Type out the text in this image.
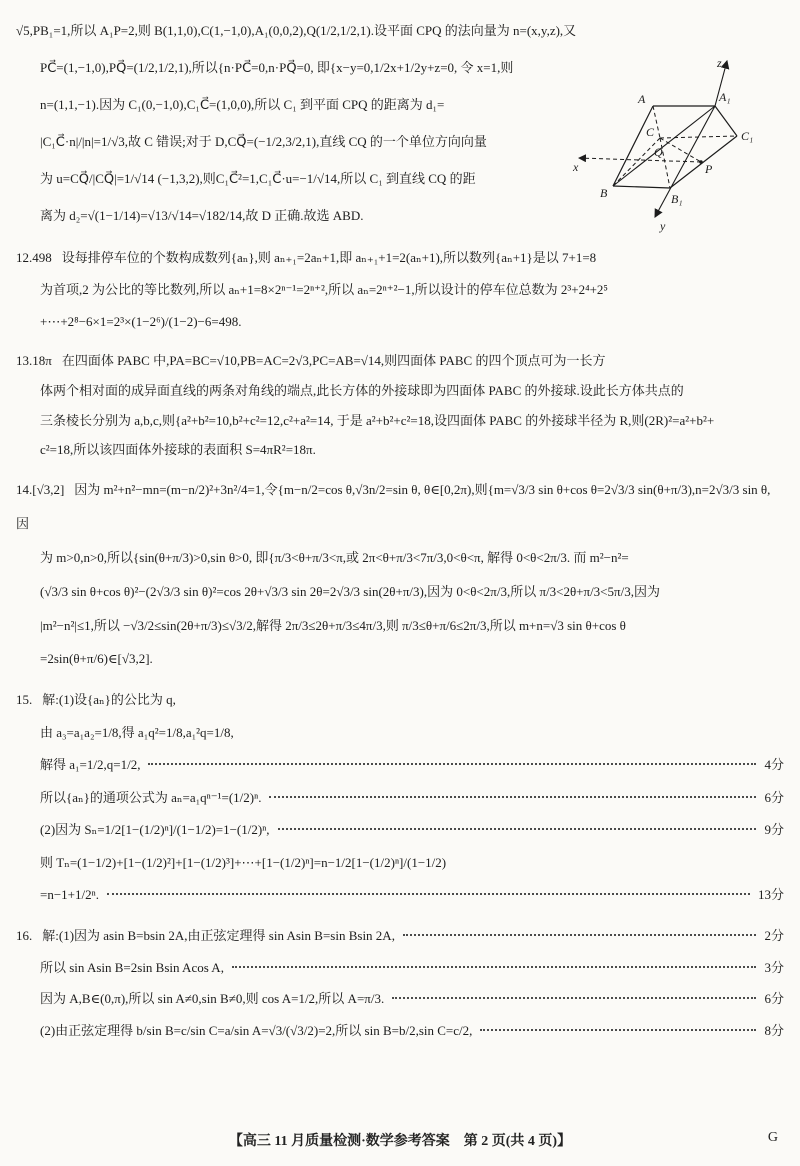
√5,PB₁=1,所以 A₁P=2,则 B(1,1,0),C(1,−1,0),A₁(0,0,2),Q(1/2,1/2,1).设平面 CPQ 的法向量为 n=(x,y,z),又
PC⃗=(1,−1,0),PQ⃗=(1/2,1/2,1),所以{n·PC⃗=0,n·PQ⃗=0, 即{x−y=0,1/2x+1/2y+z=0, 令 x=1,则
n=(1,1,−1).因为 C₁(0,−1,0),C₁C⃗=(1,0,0),所以 C₁ 到平面 CPQ 的距离为 d₁=
|C₁C⃗·n|/|n|=1/√3,故 C 错误;对于 D,CQ⃗=(−1/2,3/2,1),直线 CQ 的一个单位方向向量
为 u=CQ⃗/|CQ⃗|=1/√14 (−1,3,2),则C₁C⃗²=1,C₁C⃗·u=−1/√14,所以 C₁ 到直线 CQ 的距
离为 d₂=√(1−1/14)=√13/√14=√182/14,故 D 正确.故选 ABD.
A	A₁
C	C₁
Q
P
B	B₁
x
y
z
12.498 设每排停车位的个数构成数列{aₙ},则 aₙ₊₁=2aₙ+1,即 aₙ₊₁+1=2(aₙ+1),所以数列{aₙ+1}是以 7+1=8
为首项,2 为公比的等比数列,所以 aₙ+1=8×2ⁿ⁻¹=2ⁿ⁺²,所以 aₙ=2ⁿ⁺²−1,所以设计的停车位总数为 2³+2⁴+2⁵
+⋯+2⁸−6×1=2³×(1−2⁶)/(1−2)−6=498.
13.18π 在四面体 PABC 中,PA=BC=√10,PB=AC=2√3,PC=AB=√14,则四面体 PABC 的四个顶点可为一长方
体两个相对面的成异面直线的两条对角线的端点,此长方体的外接球即为四面体 PABC 的外接球.设此长方体共点的
三条棱长分别为 a,b,c,则{a²+b²=10,b²+c²=12,c²+a²=14, 于是 a²+b²+c²=18,设四面体 PABC 的外接球半径为 R,则(2R)²=a²+b²+
c²=18,所以该四面体外接球的表面积 S=4πR²=18π.
14.[√3,2] 因为 m²+n²−mn=(m−n/2)²+3n²/4=1,令{m−n/2=cos θ,√3n/2=sin θ, θ∈[0,2π),则{m=√3/3 sin θ+cos θ=2√3/3 sin(θ+π/3),n=2√3/3 sin θ, 因
为 m>0,n>0,所以{sin(θ+π/3)>0,sin θ>0, 即{π/3<θ+π/3<π,或 2π<θ+π/3<7π/3,0<θ<π, 解得 0<θ<2π/3. 而 m²−n²=
(√3/3 sin θ+cos θ)²−(2√3/3 sin θ)²=cos 2θ+√3/3 sin 2θ=2√3/3 sin(2θ+π/3),因为 0<θ<2π/3,所以 π/3<2θ+π/3<5π/3,因为
|m²−n²|≤1,所以 −√3/2≤sin(2θ+π/3)≤√3/2,解得 2π/3≤2θ+π/3≤4π/3,则 π/3≤θ+π/6≤2π/3,所以 m+n=√3 sin θ+cos θ
=2sin(θ+π/6)∈[√3,2].
15. 解:(1)设{aₙ}的公比为 q,
由 a₃=a₁a₂=1/8,得 a₁q²=1/8,a₁²q=1/8,
解得 a₁=1/2,q=1/2,	4分
所以{aₙ}的通项公式为 aₙ=a₁qⁿ⁻¹=(1/2)ⁿ.	6分
(2)因为 Sₙ=1/2[1−(1/2)ⁿ]/(1−1/2)=1−(1/2)ⁿ,	9分
则 Tₙ=(1−1/2)+[1−(1/2)²]+[1−(1/2)³]+⋯+[1−(1/2)ⁿ]=n−1/2[1−(1/2)ⁿ]/(1−1/2)
=n−1+1/2ⁿ.	13分
16. 解:(1)因为 asin B=bsin 2A,由正弦定理得 sin Asin B=sin Bsin 2A,	2分
所以 sin Asin B=2sin Bsin Acos A,	3分
因为 A,B∈(0,π),所以 sin A≠0,sin B≠0,则 cos A=1/2,所以 A=π/3.	6分
(2)由正弦定理得 b/sin B=c/sin C=a/sin A=√3/(√3/2)=2,所以 sin B=b/2,sin C=c/2,	8分
【高三 11 月质量检测·数学参考答案　第 2 页(共 4 页)】	G
